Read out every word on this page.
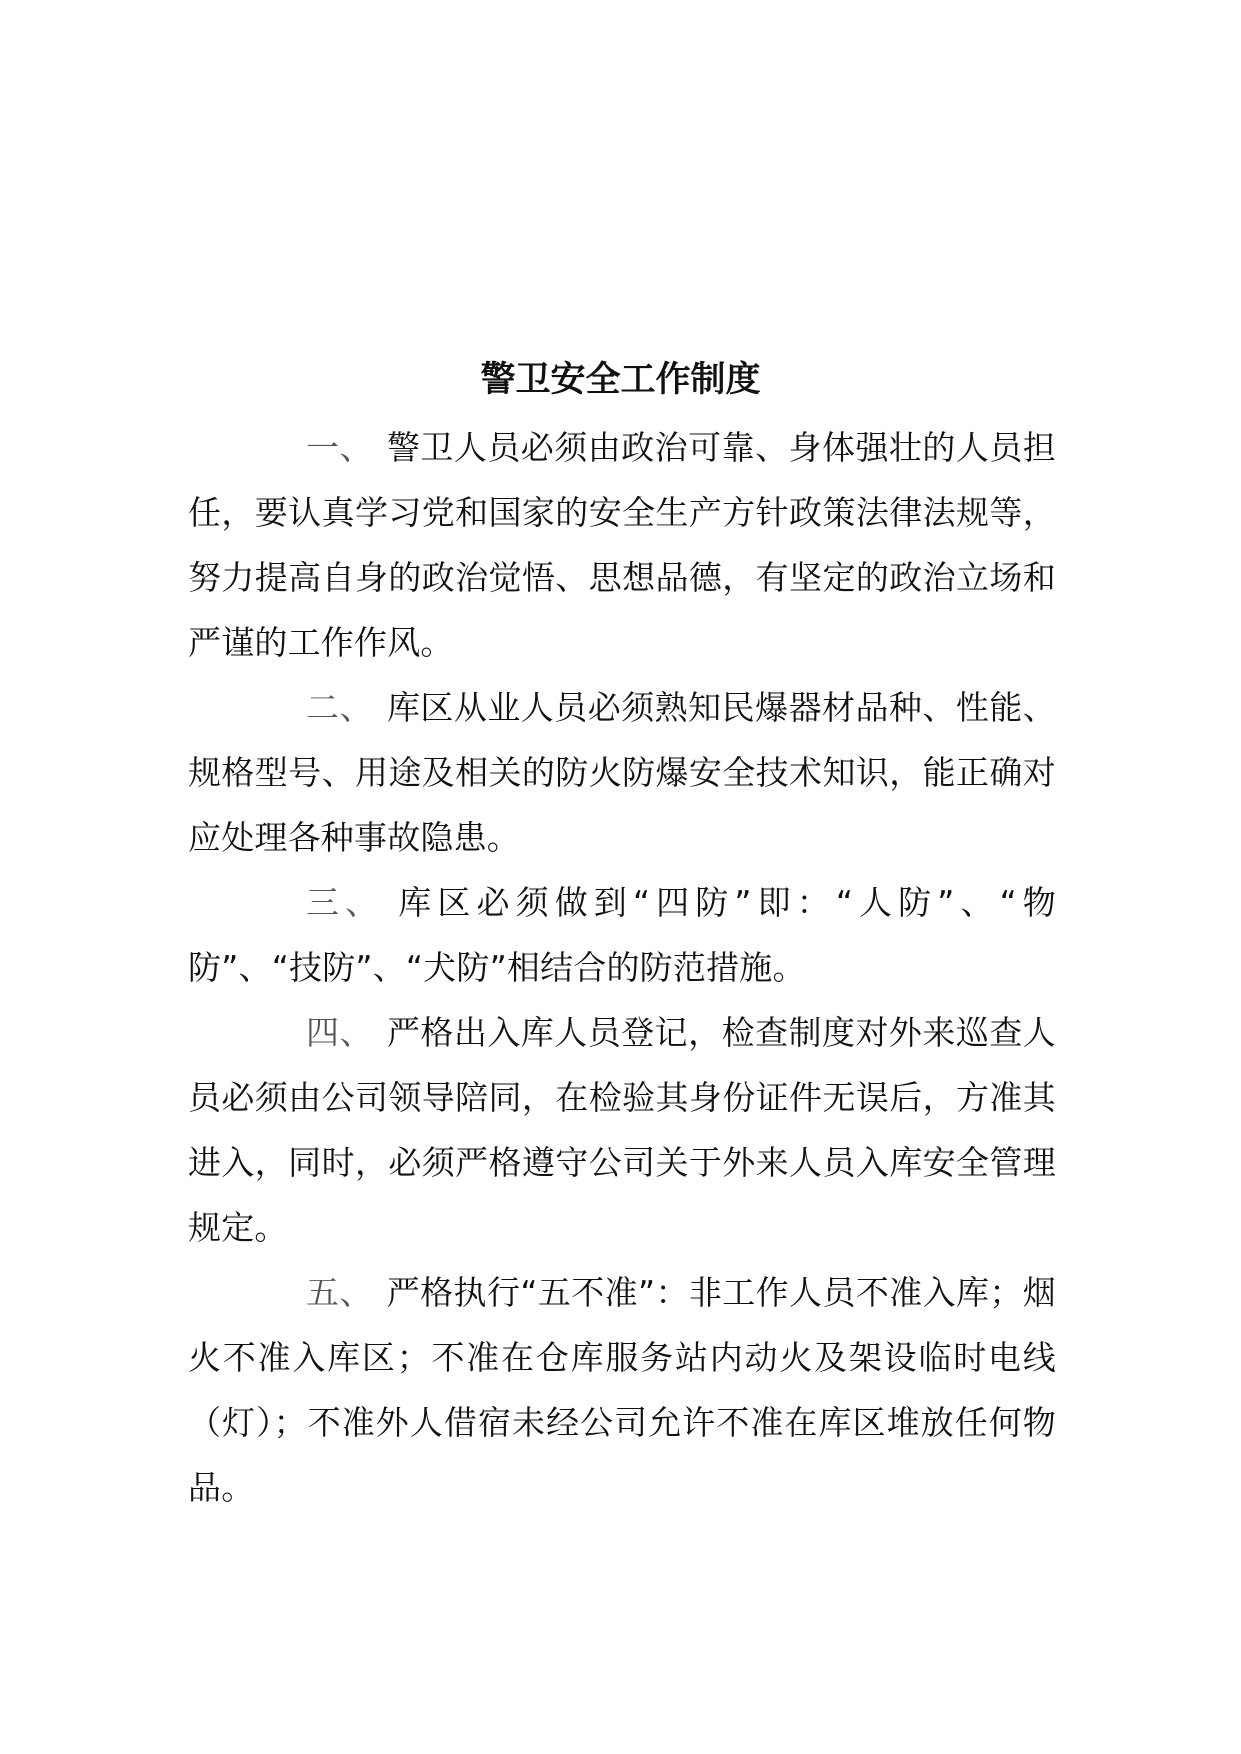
警卫安全工作制度

一、 警卫人员必须由政治可靠、身体强壮的人员担任，要认真学习党和国家的安全生产方针政策法律法规等，努力提高自身的政治觉悟、思想品德，有坚定的政治立场和严谨的工作作风。

二、 库区从业人员必须熟知民爆器材品种、性能、规格型号、用途及相关的防火防爆安全技术知识，能正确对应处理各种事故隐患。

三、 库区必须做到“四防”即：“人防”、“物防”、“技防”、“犬防”相结合的防范措施。

四、 严格出入库人员登记，检查制度对外来巡查人员必须由公司领导陪同，在检验其身份证件无误后，方准其进入，同时，必须严格遵守公司关于外来人员入库安全管理规定。

五、 严格执行“五不准”：非工作人员不准入库；烟火不准入库区；不准在仓库服务站内动火及架设临时电线（灯）；不准外人借宿未经公司允许不准在库区堆放任何物品。
